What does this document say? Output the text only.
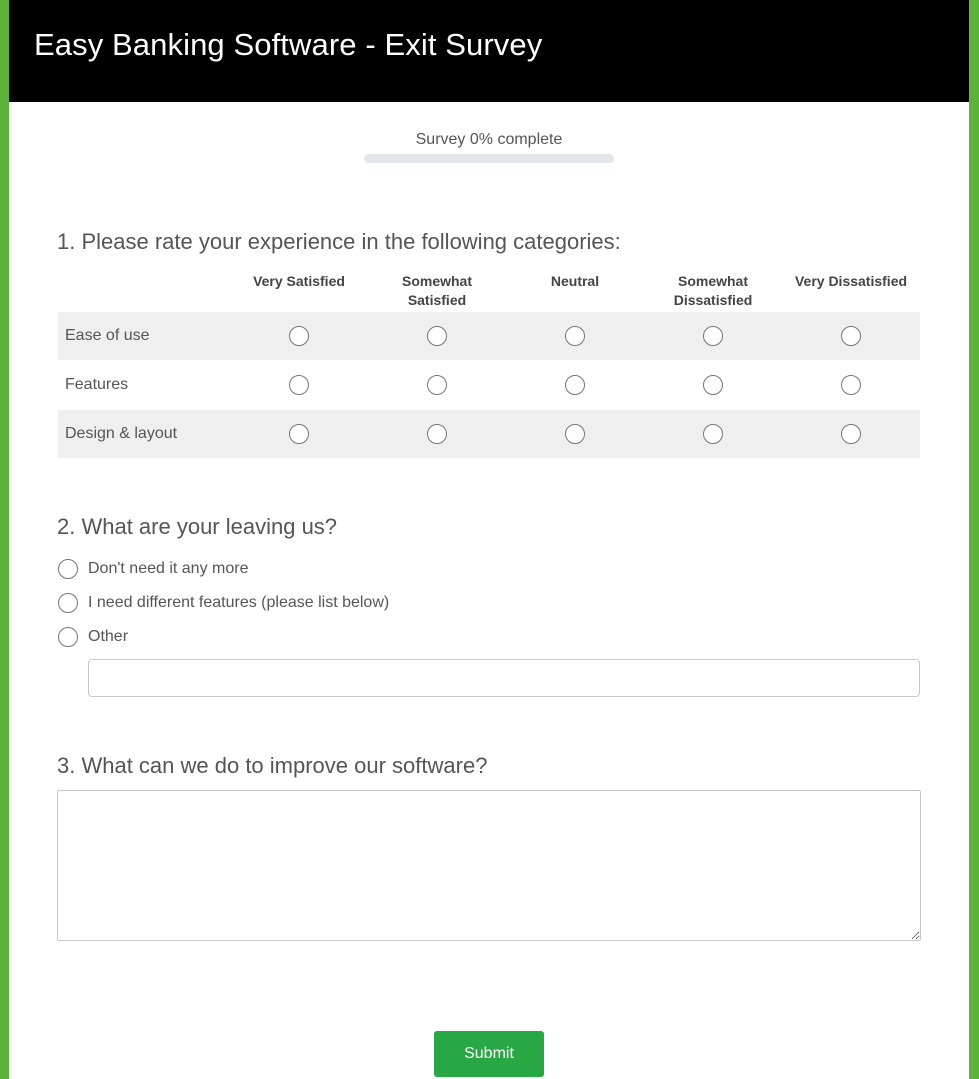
Easy Banking Software - Exit Survey
Survey 0% complete
1. Please rate your experience in the following categories:
Very Satisfied	Somewhat
Satisfied
Neutral	Somewhat
Dissatisfied
Very Dissatisfied
Ease of use
Features
Design & layout
2. What are your leaving us?
Don't need it any more
I need different features (please list below)
Other
3. What can we do to improve our software?
Submit
